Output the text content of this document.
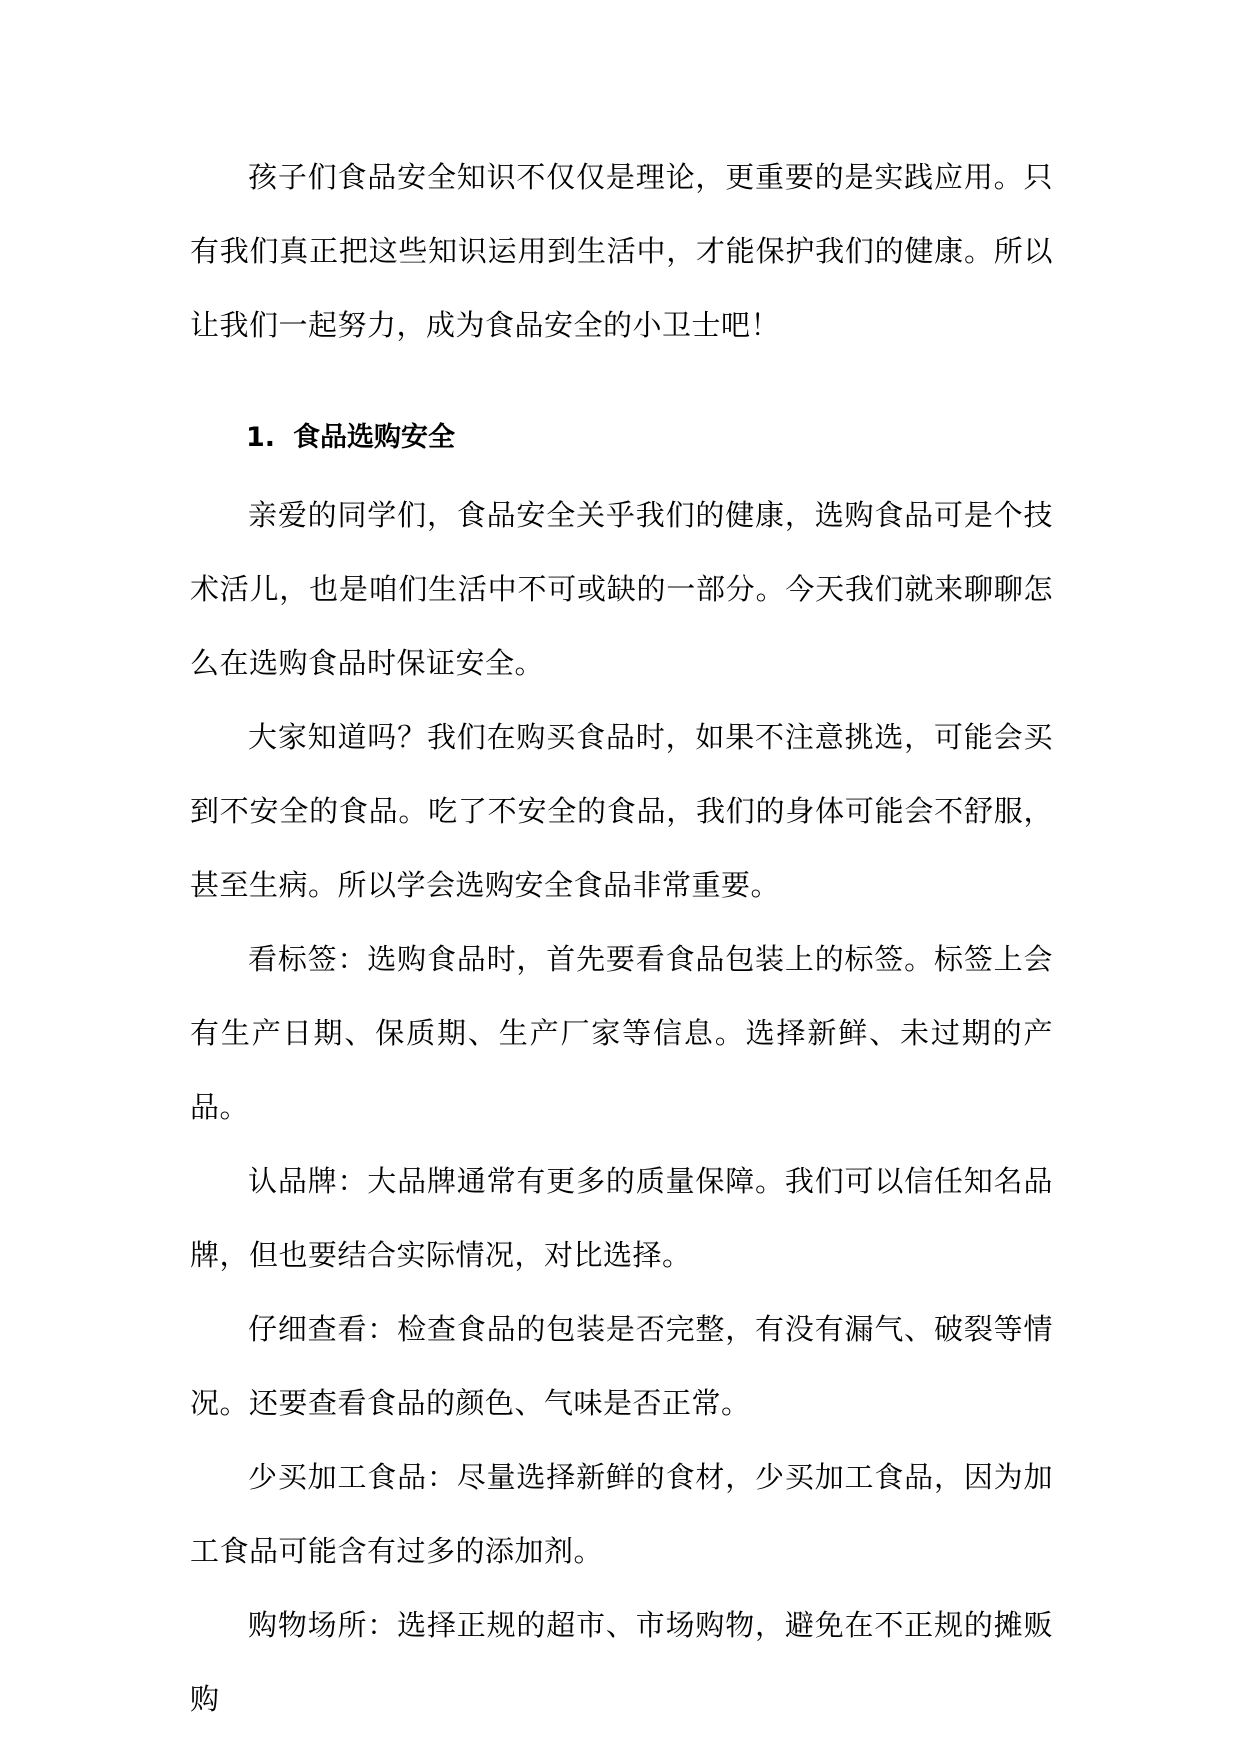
孩子们食品安全知识不仅仅是理论，更重要的是实践应用。只有我们真正把这些知识运用到生活中，才能保护我们的健康。所以让我们一起努力，成为食品安全的小卫士吧！

1. 食品选购安全

亲爱的同学们，食品安全关乎我们的健康，选购食品可是个技术活儿，也是咱们生活中不可或缺的一部分。今天我们就来聊聊怎么在选购食品时保证安全。

大家知道吗？我们在购买食品时，如果不注意挑选，可能会买到不安全的食品。吃了不安全的食品，我们的身体可能会不舒服，甚至生病。所以学会选购安全食品非常重要。

看标签：选购食品时，首先要看食品包装上的标签。标签上会有生产日期、保质期、生产厂家等信息。选择新鲜、未过期的产品。

认品牌：大品牌通常有更多的质量保障。我们可以信任知名品牌，但也要结合实际情况，对比选择。

仔细查看：检查食品的包装是否完整，有没有漏气、破裂等情况。还要查看食品的颜色、气味是否正常。

少买加工食品：尽量选择新鲜的食材，少买加工食品，因为加工食品可能含有过多的添加剂。

购物场所：选择正规的超市、市场购物，避免在不正规的摊贩购
